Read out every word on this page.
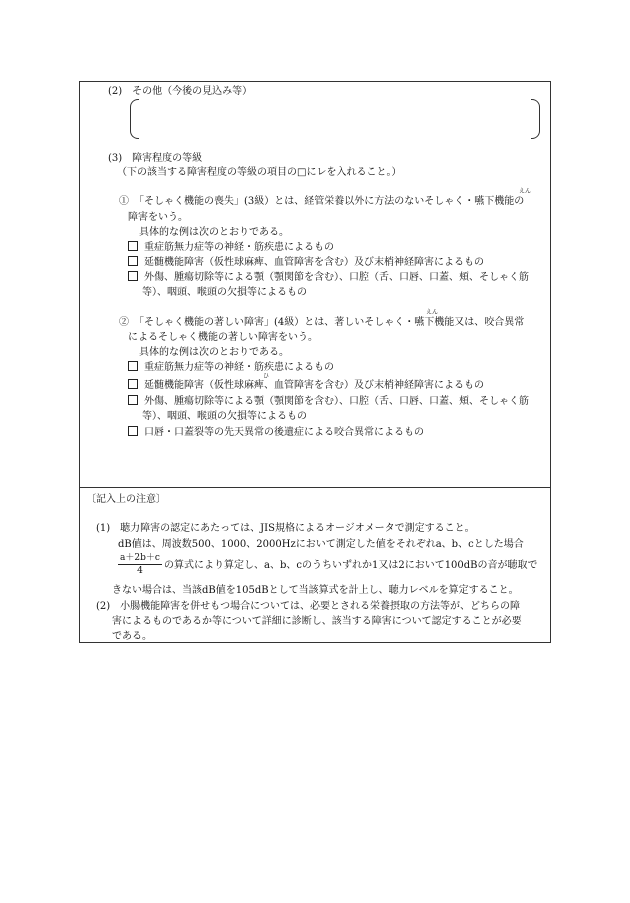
(2)　その他（今後の見込み等）
(3)　障害程度の等級
（下の該当する障害程度の等級の項目の□にレを入れること。）
えん
①　「そしゃく機能の喪失」(3級）とは、経管栄養以外に方法のないそしゃく・嚥下機能の
障害をいう。
具体的な例は次のとおりである。
重症筋無力症等の神経・筋疾患によるもの
延髄機能障害（仮性球麻痺、血管障害を含む）及び末梢神経障害によるもの
外傷、腫瘍切除等による顎（顎関節を含む）、口腔（舌、口唇、口蓋、頬、そしゃく筋
等）、咽頭、喉頭の欠損等によるもの
えん
②　「そしゃく機能の著しい障害」(4級）とは、著しいそしゃく・嚥下機能又は、咬合異常
によるそしゃく機能の著しい障害をいう。
具体的な例は次のとおりである。
重症筋無力症等の神経・筋疾患によるもの
ひ
延髄機能障害（仮性球麻痺、血管障害を含む）及び末梢神経障害によるもの
外傷、腫瘍切除等による顎（顎関節を含む）、口腔（舌、口唇、口蓋、頬、そしゃく筋
等）、咽頭、喉頭の欠損等によるもの
口唇・口蓋裂等の先天異常の後遺症による咬合異常によるもの
〔記入上の注意〕
(1)　聴力障害の認定にあたっては、JIS規格によるオージオメータで測定すること。
dB値は、周波数500、1000、2000Hzにおいて測定した値をそれぞれa、b、cとした場合
$\frac{a+2b+c}{4}$ の算式により算定し、a、b、cのうちいずれか1又は2において100dBの音が聴取で
きない場合は、当該dB値を105dBとして当該算式を計上し、聴力レベルを算定すること。
(2)　小腸機能障害を併せもつ場合については、必要とされる栄養摂取の方法等が、どちらの障
害によるものであるか等について詳細に診断し、該当する障害について認定することが必要
である。
